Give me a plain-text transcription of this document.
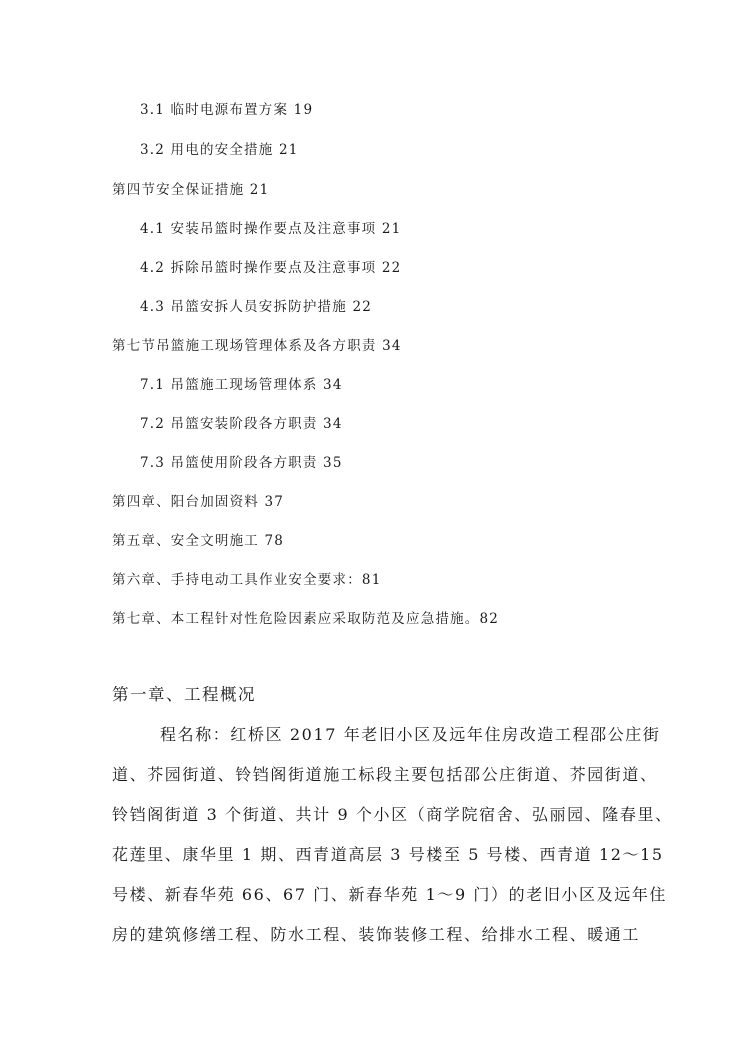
3.1 临时电源布置方案 19
3.2 用电的安全措施 21
第四节安全保证措施 21
4.1 安装吊篮时操作要点及注意事项 21
4.2 拆除吊篮时操作要点及注意事项 22
4.3 吊篮安拆人员安拆防护措施 22
第七节吊篮施工现场管理体系及各方职责 34
7.1 吊篮施工现场管理体系 34
7.2 吊篮安装阶段各方职责 34
7.3 吊篮使用阶段各方职责 35
第四章、阳台加固资料 37
第五章、安全文明施工 78
第六章、手持电动工具作业安全要求：81
第七章、本工程针对性危险因素应采取防范及应急措施。82
第一章、工程概况
程名称：红桥区 2017 年老旧小区及远年住房改造工程邵公庄街
道、芥园街道、铃铛阁街道施工标段主要包括邵公庄街道、芥园街道、
铃铛阁街道 3 个街道、共计 9 个小区（商学院宿舍、弘丽园、隆春里、
花莲里、康华里 1 期、西青道高层 3 号楼至 5 号楼、西青道 12～15
号楼、新春华苑 66、67 门、新春华苑 1～9 门）的老旧小区及远年住
房的建筑修缮工程、防水工程、装饰装修工程、给排水工程、暖通工
